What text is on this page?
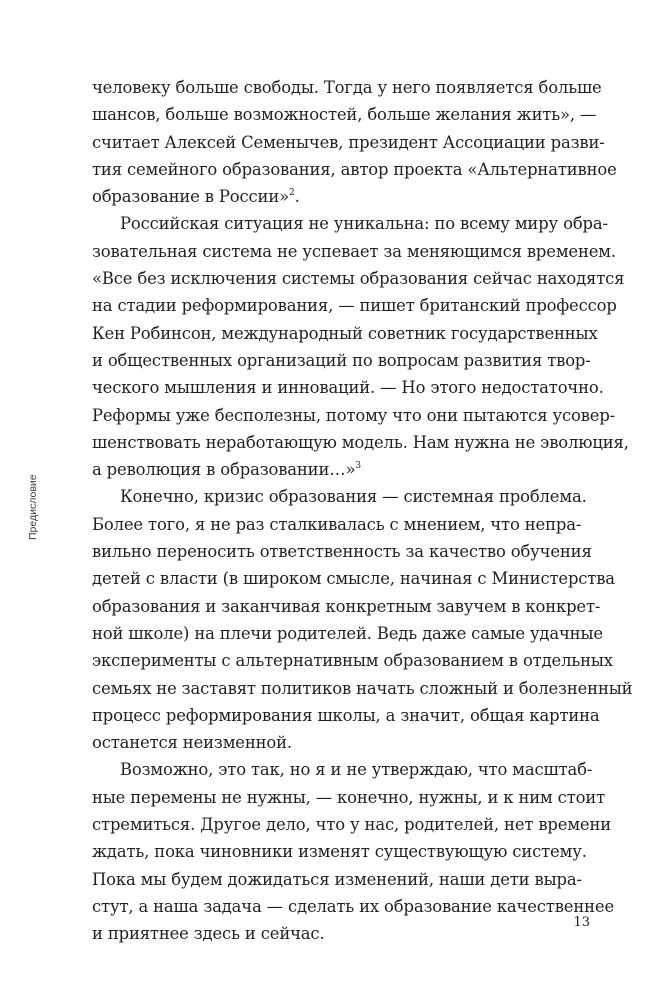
Предисловие
человеку больше свободы. Тогда у него появляется больше
шансов, больше возможностей, больше желания жить», —
считает Алексей Семенычев, президент Ассоциации разви-
тия семейного образования, автор проекта «Альтернативное
образование в России»$^2$.
Российская ситуация не уникальна: по всему миру обра-
зовательная система не успевает за меняющимся временем.
«Все без исключения системы образования сейчас находятся
на стадии реформирования, — пишет британский профессор
Кен Робинсон, международный советник государственных
и общественных организаций по вопросам развития твор-
ческого мышления и инноваций. — Но этого недостаточно.
Реформы уже бесполезны, потому что они пытаются усовер-
шенствовать неработающую модель. Нам нужна не эволюция,
а революция в образовании…»$^3$
Конечно, кризис образования — системная проблема.
Более того, я не раз сталкивалась с мнением, что непра-
вильно переносить ответственность за качество обучения
детей с власти (в широком смысле, начиная с Министерства
образования и заканчивая конкретным завучем в конкрет-
ной школе) на плечи родителей. Ведь даже самые удачные
эксперименты с альтернативным образованием в отдельных
семьях не заставят политиков начать сложный и болезненный
процесс реформирования школы, а значит, общая картина
останется неизменной.
Возможно, это так, но я и не утверждаю, что масштаб-
ные перемены не нужны, — конечно, нужны, и к ним стоит
стремиться. Другое дело, что у нас, родителей, нет времени
ждать, пока чиновники изменят существующую систему.
Пока мы будем дожидаться изменений, наши дети выра-
стут, а наша задача — сделать их образование качественнее
и приятнее здесь и сейчас.
13
